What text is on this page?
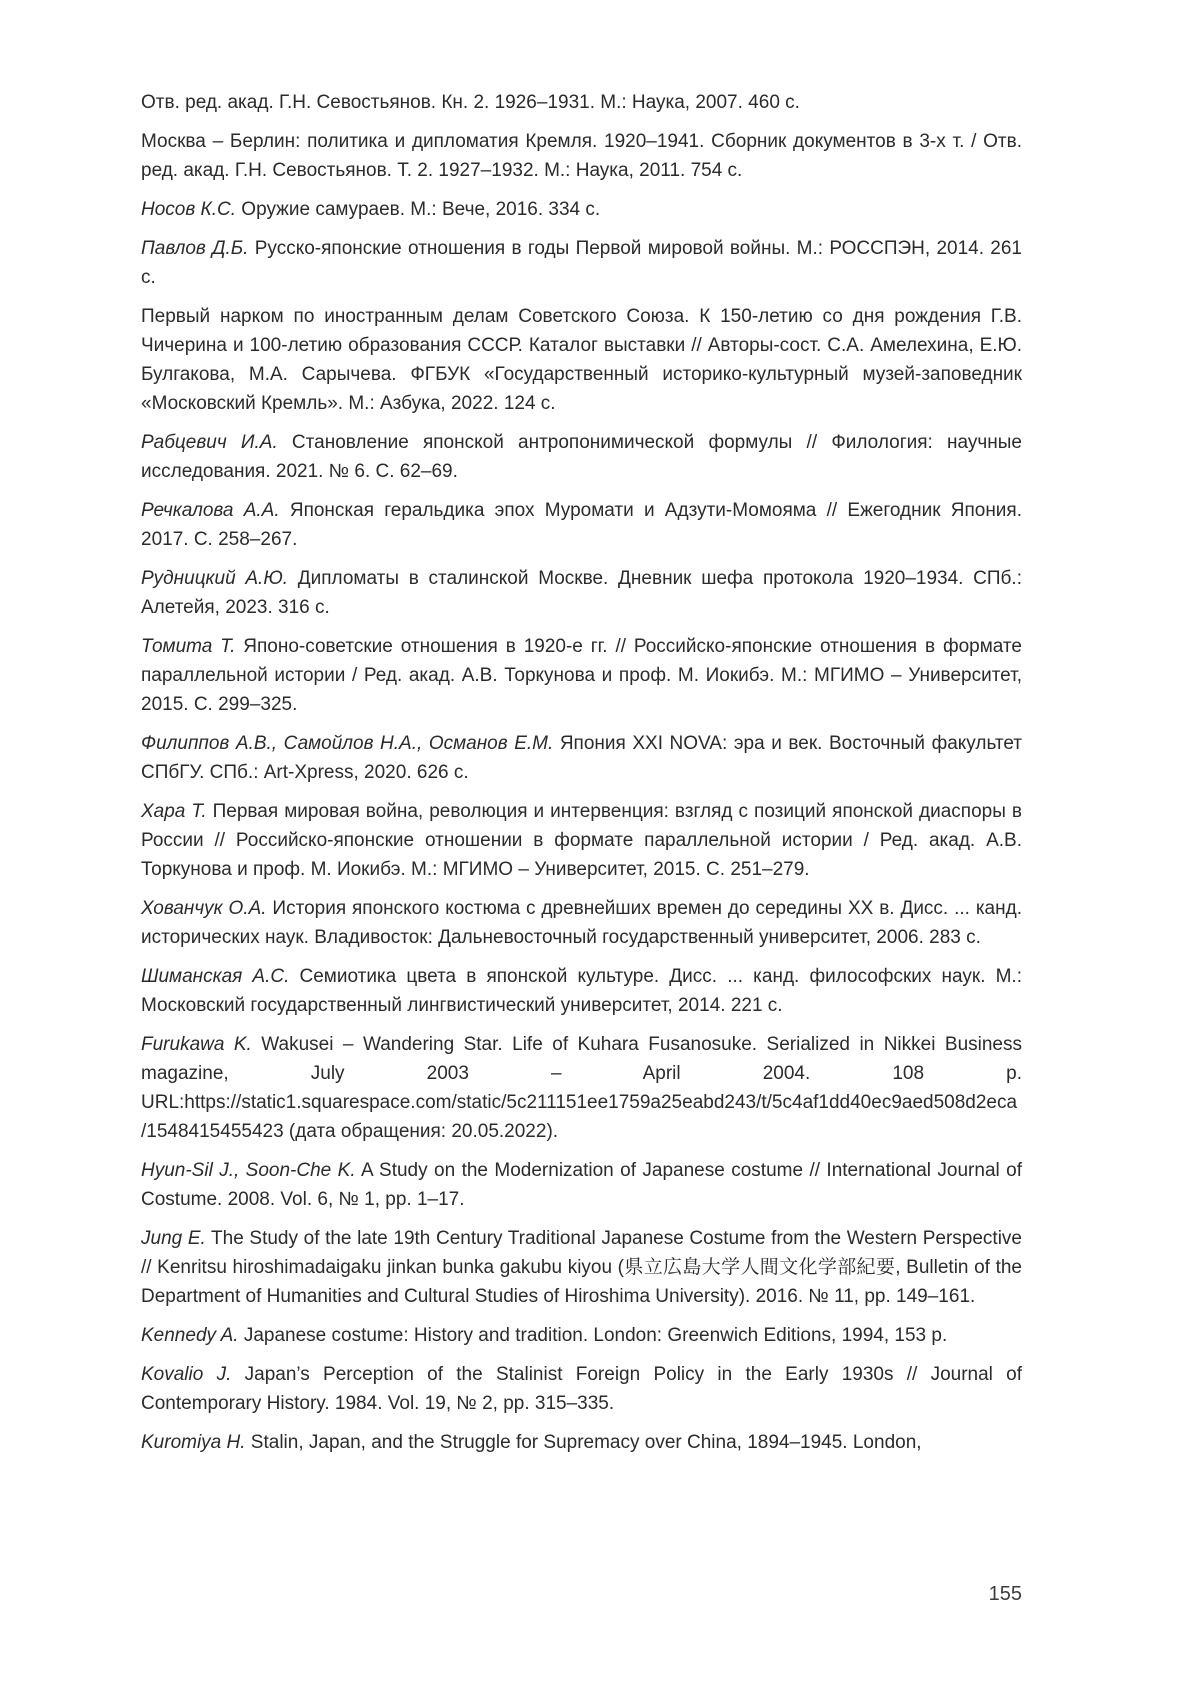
Отв. ред. акад. Г.Н. Севостьянов. Кн. 2. 1926–1931. М.: Наука, 2007. 460 с.

Москва – Берлин: политика и дипломатия Кремля. 1920–1941. Сборник документов в 3-х т. / Отв. ред. акад. Г.Н. Севостьянов. Т. 2. 1927–1932. М.: Наука, 2011. 754 с.

Носов К.С. Оружие самураев. М.: Вече, 2016. 334 с.

Павлов Д.Б. Русско-японские отношения в годы Первой мировой войны. М.: РОССПЭН, 2014. 261 с.

Первый нарком по иностранным делам Советского Союза. К 150-летию со дня рождения Г.В. Чичерина и 100-летию образования СССР. Каталог выставки // Авторы-сост. С.А. Амелехина, Е.Ю. Булгакова, М.А. Сарычева. ФГБУК «Государственный историко-культурный музей-заповедник «Московский Кремль». М.: Азбука, 2022. 124 с.

Рабцевич И.А. Становление японской антропонимической формулы // Филология: научные исследования. 2021. № 6. С. 62–69.

Речкалова А.А. Японская геральдика эпох Муромати и Адзути-Момояма // Ежегодник Япония. 2017. С. 258–267.

Рудницкий А.Ю. Дипломаты в сталинской Москве. Дневник шефа протокола 1920–1934. СПб.: Алетейя, 2023. 316 с.

Томита Т. Японо-советские отношения в 1920-е гг. // Российско-японские отношения в формате параллельной истории / Ред. акад. А.В. Торкунова и проф. М. Иокибэ. М.: МГИМО – Университет, 2015. С. 299–325.

Филиппов А.В., Самойлов Н.А., Османов Е.М. Япония XXI NOVA: эра и век. Восточный факультет СПбГУ. СПб.: Art-Xpress, 2020. 626 с.

Хара Т. Первая мировая война, революция и интервенция: взгляд с позиций японской диаспоры в России // Российско-японские отношении в формате параллельной истории / Ред. акад. А.В. Торкунова и проф. М. Иокибэ. М.: МГИМО – Университет, 2015. С. 251–279.

Хованчук О.А. История японского костюма с древнейших времен до середины XX в. Дисс. ... канд. исторических наук. Владивосток: Дальневосточный государственный университет, 2006. 283 с.

Шиманская А.С. Семиотика цвета в японской культуре. Дисс. ... канд. философских наук. М.: Московский государственный лингвистический университет, 2014. 221 с.

Furukawa K. Wakusei – Wandering Star. Life of Kuhara Fusanosuke. Serialized in Nikkei Business magazine, July 2003 – April 2004. 108 p. URL:https://static1.squarespace.com/static/5c211151ee1759a25eabd243/t/5c4af1dd40ec9aed508d2eca/1548415455423 (дата обращения: 20.05.2022).

Hyun-Sil J., Soon-Che K. A Study on the Modernization of Japanese costume // International Journal of Costume. 2008. Vol. 6, № 1, pp. 1–17.

Jung E. The Study of the late 19th Century Traditional Japanese Costume from the Western Perspective // Kenritsu hiroshimadaigaku jinkan bunka gakubu kiyou (県立広島大学人間文化学部紀要, Bulletin of the Department of Humanities and Cultural Studies of Hiroshima University). 2016. № 11, pp. 149–161.

Kennedy A. Japanese costume: History and tradition. London: Greenwich Editions, 1994, 153 p.

Kovalio J. Japan’s Perception of the Stalinist Foreign Policy in the Early 1930s // Journal of Contemporary History. 1984. Vol. 19, № 2, pp. 315–335.

Kuromiya H. Stalin, Japan, and the Struggle for Supremacy over China, 1894–1945. London,

155
